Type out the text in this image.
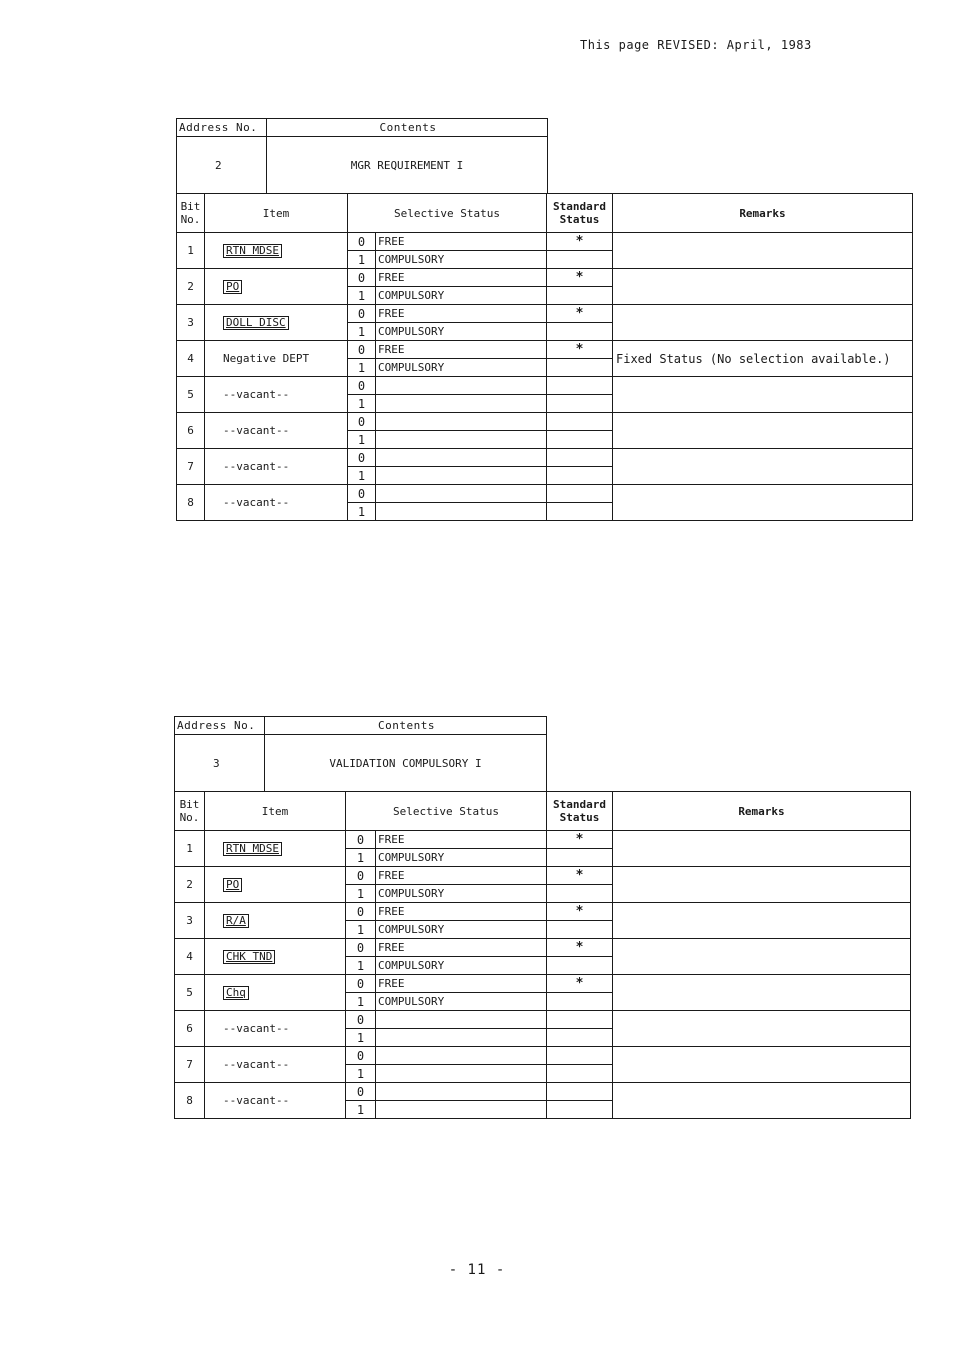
This page REVISED: April, 1983
Address No.	Contents
2	MGR REQUIREMENT I
Bit No.	Item	Selective Status		Standard Status	Remarks
1	RTN MDSE	0	FREE	*	
		1	COMPULSORY		
2	PO	0	FREE	*	
		1	COMPULSORY		
3	DOLL DISC	0	FREE	*	
		1	COMPULSORY		
4	Negative DEPT	0	FREE	*	Fixed Status (No selection available.)
		1	COMPULSORY		
5	--vacant--	0			
		1			
6	--vacant--	0			
		1			
7	--vacant--	0			
		1			
8	--vacant--	0			
		1			
Address No.	Contents
3	VALIDATION COMPULSORY I
Bit No.	Item	Selective Status		Standard Status	Remarks
1	RTN MDSE	0	FREE	*	
		1	COMPULSORY		
2	PO	0	FREE	*	
		1	COMPULSORY		
3	R/A	0	FREE	*	
		1	COMPULSORY		
4	CHK TND	0	FREE	*	
		1	COMPULSORY		
5	Chq	0	FREE	*	
		1	COMPULSORY		
6	--vacant--	0			
		1			
7	--vacant--	0			
		1			
8	--vacant--	0			
		1			
- 11 -
